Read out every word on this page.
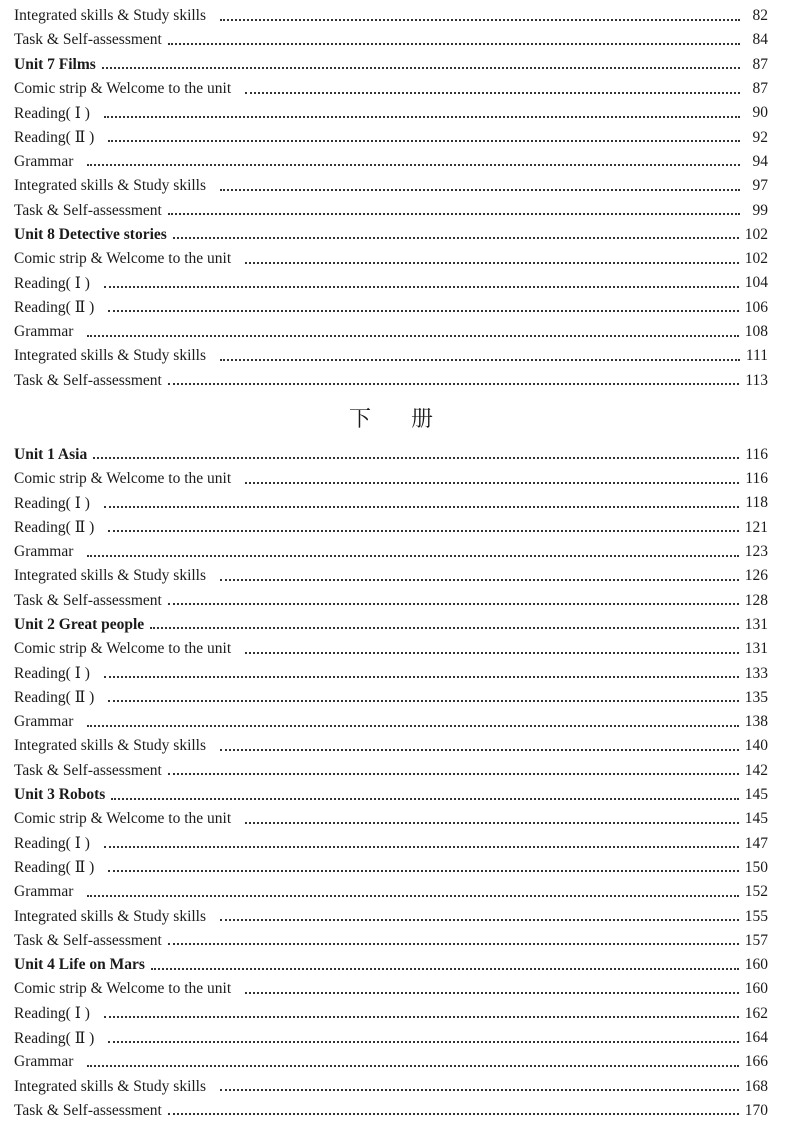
Integrated skills & Study skills	82
Task & Self-assessment	84
Unit 7 Films	87
Comic strip & Welcome to the unit	87
Reading( Ⅰ )	90
Reading( Ⅱ )	92
Grammar	94
Integrated skills & Study skills	97
Task & Self-assessment	99
Unit 8 Detective stories	102
Comic strip & Welcome to the unit	102
Reading( Ⅰ )	104
Reading( Ⅱ )	106
Grammar	108
Integrated skills & Study skills	111
Task & Self-assessment	113
下 册
Unit 1 Asia	116
Comic strip & Welcome to the unit	116
Reading( Ⅰ )	118
Reading( Ⅱ )	121
Grammar	123
Integrated skills & Study skills	126
Task & Self-assessment	128
Unit 2 Great people	131
Comic strip & Welcome to the unit	131
Reading( Ⅰ )	133
Reading( Ⅱ )	135
Grammar	138
Integrated skills & Study skills	140
Task & Self-assessment	142
Unit 3 Robots	145
Comic strip & Welcome to the unit	145
Reading( Ⅰ )	147
Reading( Ⅱ )	150
Grammar	152
Integrated skills & Study skills	155
Task & Self-assessment	157
Unit 4 Life on Mars	160
Comic strip & Welcome to the unit	160
Reading( Ⅰ )	162
Reading( Ⅱ )	164
Grammar	166
Integrated skills & Study skills	168
Task & Self-assessment	170
